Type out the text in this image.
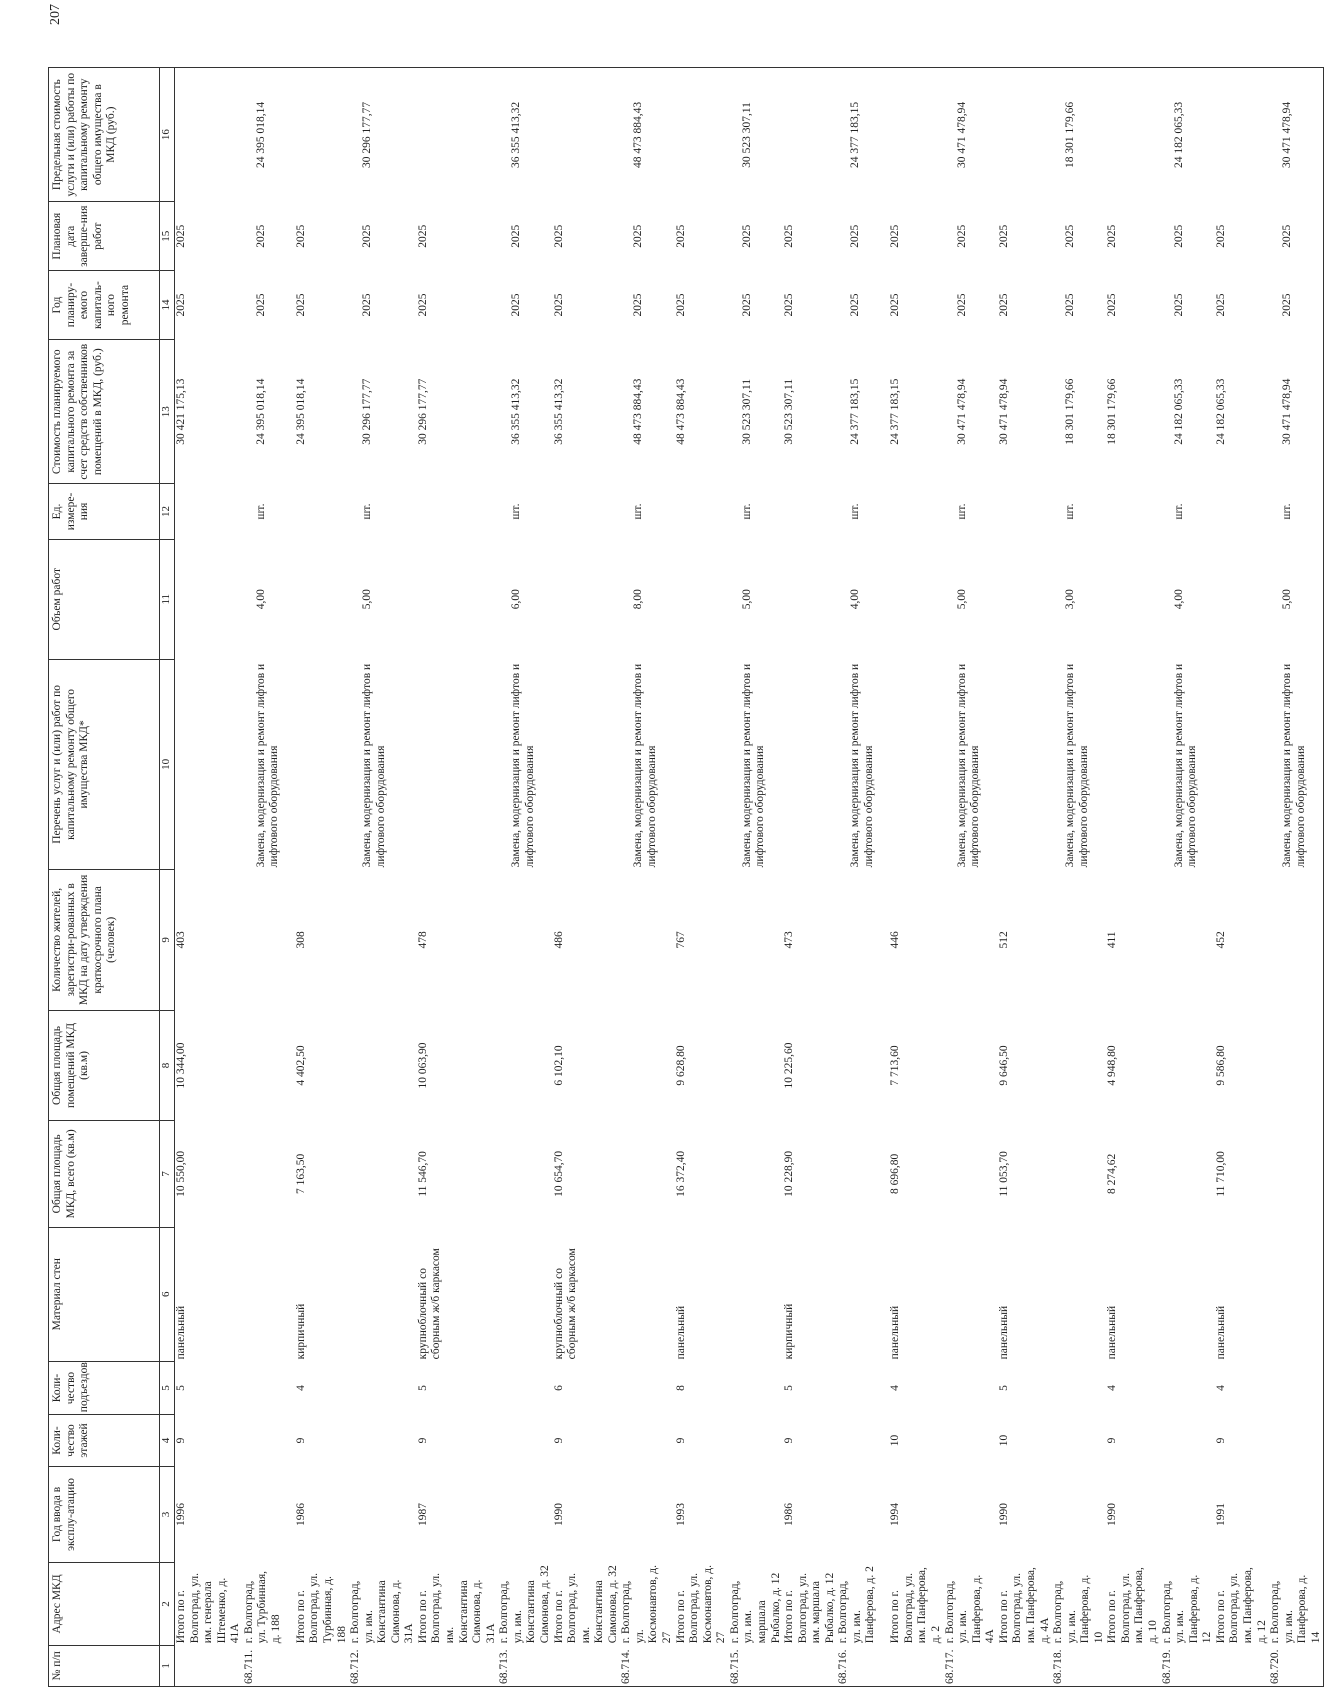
207
№ п/п	Адрес МКД	Год ввода в эксплу-атацию	Коли-чество этажей	Коли-чество подъездов	Материал стен	Общая площадь МКД, всего (кв.м)	Общая площадь помещений МКД (кв.м)	Количество жителей, зарегистри-рованных в МКД на дату утверждения краткосрочного плана (человек)	Перечень услуг и (или) работ по капитальному ремонту общего имущества МКД*	Объем работ	Ед. измере-ния	Стоимость планируемого капитального ремонта за счет средств собственников помещений в МКД, (руб.)	Год планиру-емого капиталь-ного ремонта	Плановая дата заверше-ния работ	Предельная стоимость услуги и (или) работы по капитальному ремонту общего имущества в МКД (руб.)
1	2	3	4	5	6	7	8	9	10	11	12	13	14	15	16
	Итого по г. Волгоград, ул. им. генерала Штеменко, д. 41А	1996	9	5	панельный	10 550,00	10 344,00	403				30 421 175,13	2025	2025	
68.711.	г. Волгоград, ул. Турбинная, д. 188								Замена, модернизация и ремонт лифтов и лифтового оборудования	4,00	шт.	24 395 018,14	2025	2025	24 395 018,14
	Итого по г. Волгоград, ул. Турбинная, д. 188	1986	9	4	кирпичный	7 163,50	4 402,50	308				24 395 018,14	2025	2025	
68.712.	г. Волгоград, ул. им. Константина Симонова, д. 31А								Замена, модернизация и ремонт лифтов и лифтового оборудования	5,00	шт.	30 296 177,77	2025	2025	30 296 177,77
	Итого по г. Волгоград, ул. им. Константина Симонова, д. 31А	1987	9	5	крупноблочный со сборным ж/б каркасом	11 546,70	10 063,90	478				30 296 177,77	2025	2025	
68.713.	г. Волгоград, ул. им. Константина Симонова, д. 32								Замена, модернизация и ремонт лифтов и лифтового оборудования	6,00	шт.	36 355 413,32	2025	2025	36 355 413,32
	Итого по г. Волгоград, ул. им. Константина Симонова, д. 32	1990	9	6	крупноблочный со сборным ж/б каркасом	10 654,70	6 102,10	486				36 355 413,32	2025	2025	
68.714.	г. Волгоград, ул. Космонавтов, д. 27								Замена, модернизация и ремонт лифтов и лифтового оборудования	8,00	шт.	48 473 884,43	2025	2025	48 473 884,43
	Итого по г. Волгоград, ул. Космонавтов, д. 27	1993	9	8	панельный	16 372,40	9 628,80	767				48 473 884,43	2025	2025	
68.715.	г. Волгоград, ул. им. маршала Рыбалко, д. 12								Замена, модернизация и ремонт лифтов и лифтового оборудования	5,00	шт.	30 523 307,11	2025	2025	30 523 307,11
	Итого по г. Волгоград, ул. им. маршала Рыбалко, д. 12	1986	9	5	кирпичный	10 228,90	10 225,60	473				30 523 307,11	2025	2025	
68.716.	г. Волгоград, ул. им. Панферова, д. 2								Замена, модернизация и ремонт лифтов и лифтового оборудования	4,00	шт.	24 377 183,15	2025	2025	24 377 183,15
	Итого по г. Волгоград, ул. им. Панферова, д. 2	1994	10	4	панельный	8 696,80	7 713,60	446				24 377 183,15	2025	2025	
68.717.	г. Волгоград, ул. им. Панферова, д. 4А								Замена, модернизация и ремонт лифтов и лифтового оборудования	5,00	шт.	30 471 478,94	2025	2025	30 471 478,94
	Итого по г. Волгоград, ул. им. Панферова, д. 4А	1990	10	5	панельный	11 053,70	9 646,50	512				30 471 478,94	2025	2025	
68.718.	г. Волгоград, ул. им. Панферова, д. 10								Замена, модернизация и ремонт лифтов и лифтового оборудования	3,00	шт.	18 301 179,66	2025	2025	18 301 179,66
	Итого по г. Волгоград, ул. им. Панферова, д. 10	1990	9	4	панельный	8 274,62	4 948,80	411				18 301 179,66	2025	2025	
68.719.	г. Волгоград, ул. им. Панферова, д. 12								Замена, модернизация и ремонт лифтов и лифтового оборудования	4,00	шт.	24 182 065,33	2025	2025	24 182 065,33
	Итого по г. Волгоград, ул. им. Панферова, д. 12	1991	9	4	панельный	11 710,00	9 586,80	452				24 182 065,33	2025	2025	
68.720.	г. Волгоград, ул. им. Панферова, д. 14								Замена, модернизация и ремонт лифтов и лифтового оборудования	5,00	шт.	30 471 478,94	2025	2025	30 471 478,94
